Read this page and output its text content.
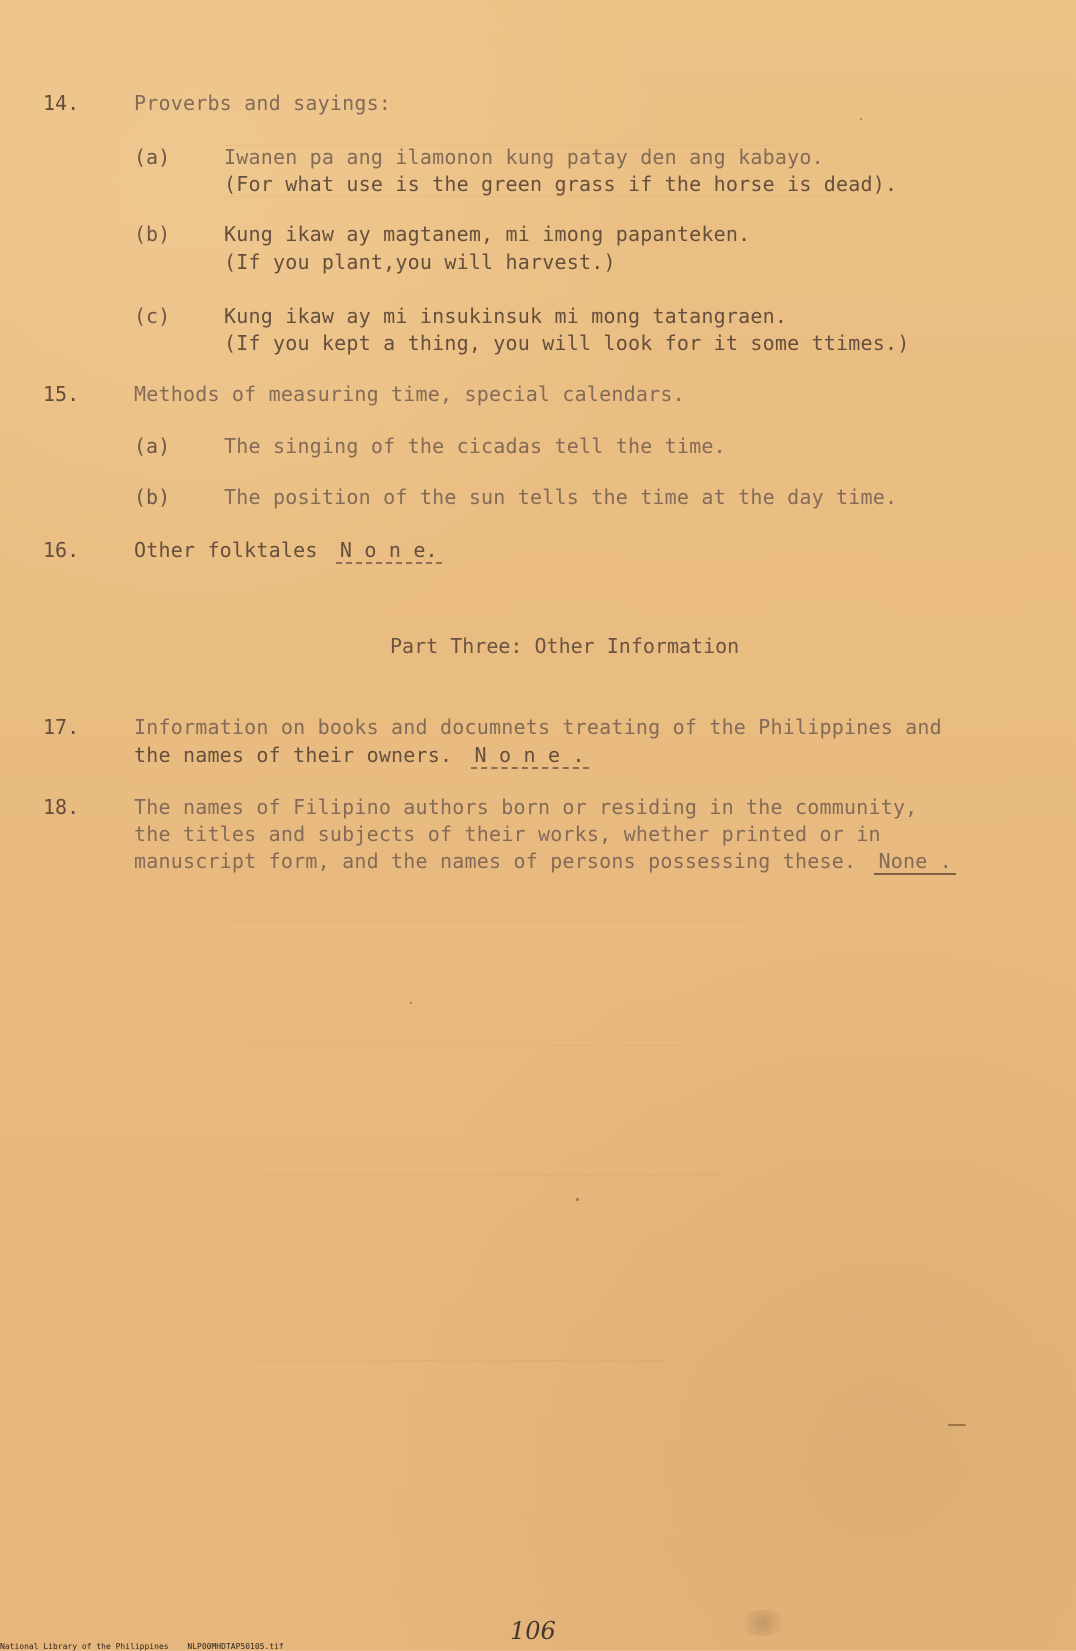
14.	Proverbs and sayings:
(a)	Iwanen pa ang ilamonon kung patay den ang kabayo.
(For what use is the green grass if the horse is dead).
(b)	Kung ikaw ay magtanem, mi imong papanteken.
(If you plant,you will harvest.)
(c)	Kung ikaw ay mi insukinsuk mi mong tatangraen.
(If you kept a thing, you will look for it some ttimes.)
15.	Methods of measuring time, special calendars.
(a)	The singing of the cicadas tell the time.
(b)	The position of the sun tells the time at the day time.
16.	Other folktales N o n e.
Part Three: Other Information
17.	Information on books and documnets treating of the Philippines and
the names of their owners. N o n e .
18.	The names of Filipino authors born or residing in the community,
the titles and subjects of their works, whether printed or in
manuscript form, and the names of persons possessing these. None .
106
National Library of the Philippines NLP00MHDTAP50105.tif
